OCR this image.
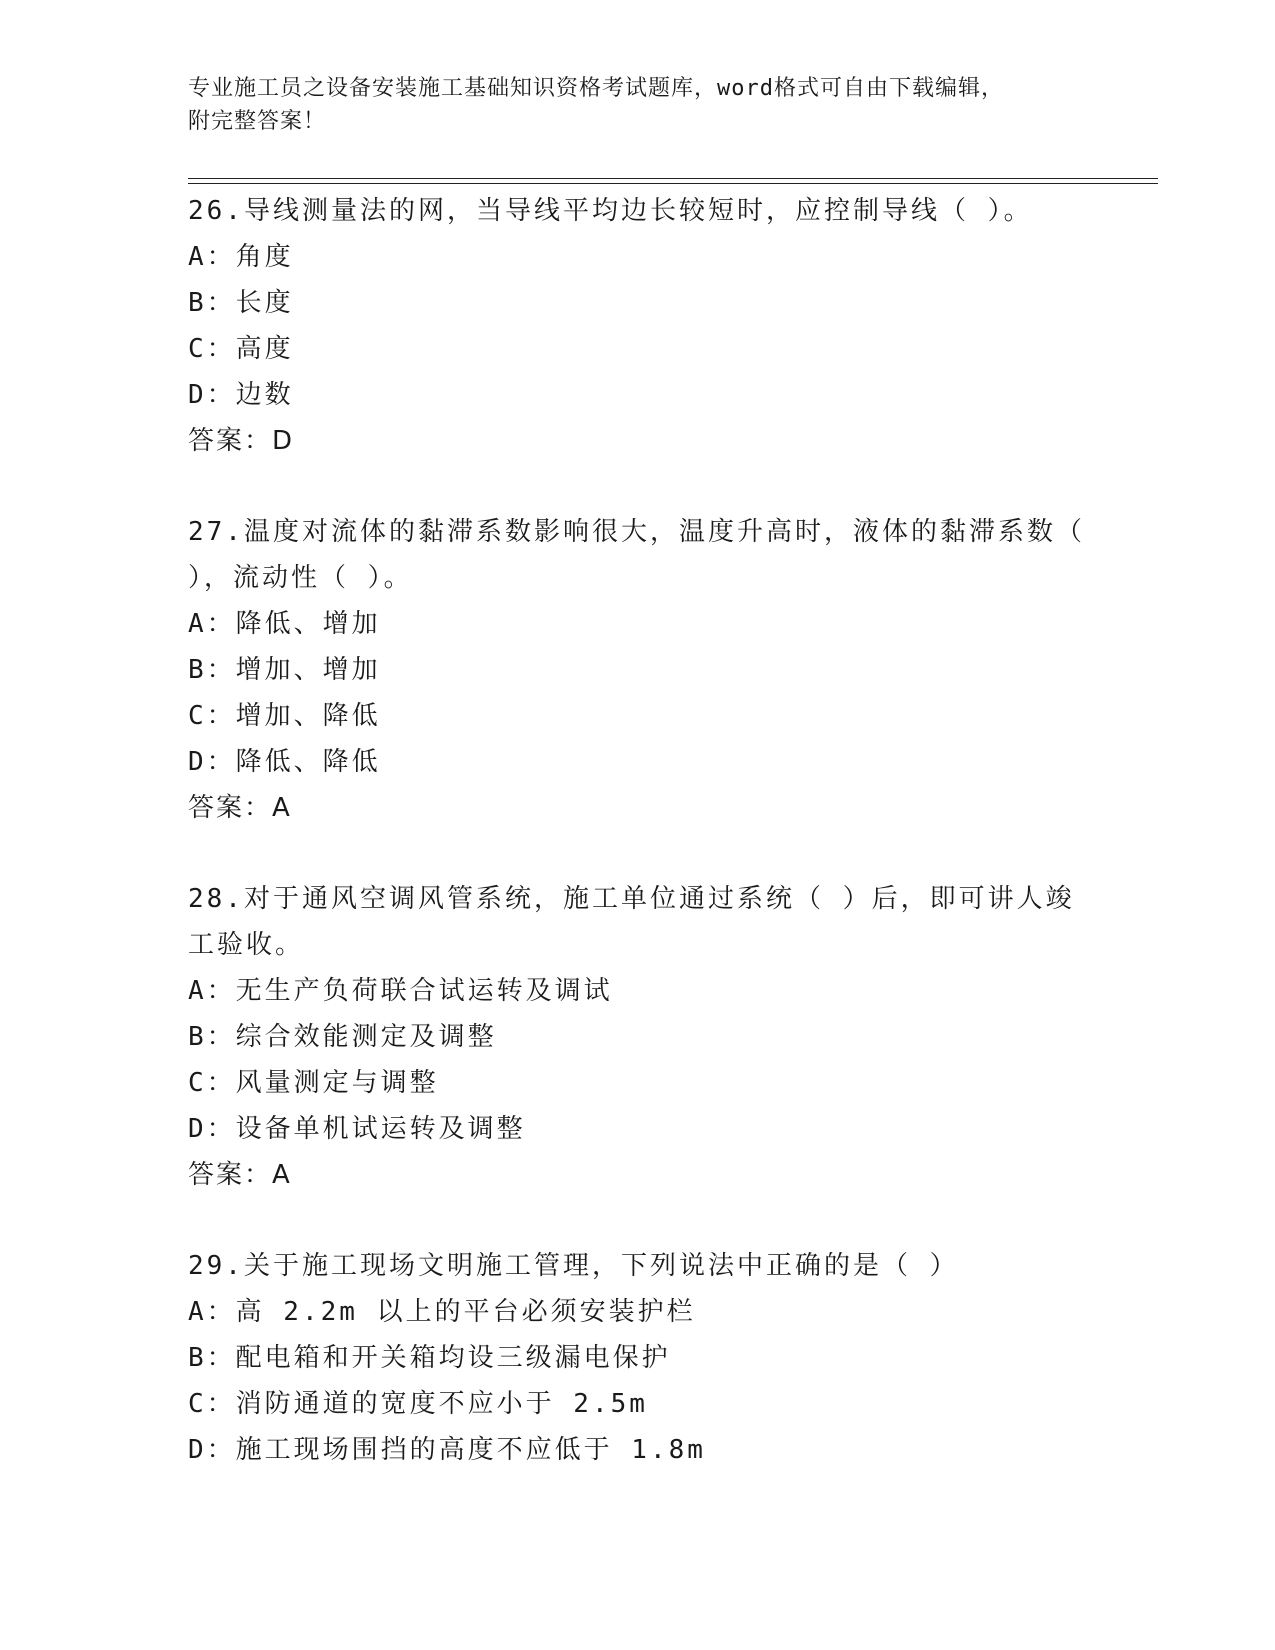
专业施工员之设备安装施工基础知识资格考试题库，word格式可自由下载编辑，
附完整答案！
26.导线测量法的网，当导线平均边长较短时，应控制导线（ ）。
A：角度
B：长度
C：高度
D：边数
答案：D
27.温度对流体的黏滞系数影响很大，温度升高时，液体的黏滞系数（
），流动性（ ）。
A：降低、增加
B：增加、增加
C：增加、降低
D：降低、降低
答案：A
28.对于通风空调风管系统，施工单位通过系统（ ）后，即可讲人竣
工验收。
A：无生产负荷联合试运转及调试
B：综合效能测定及调整
C：风量测定与调整
D：设备单机试运转及调整
答案：A
29.关于施工现场文明施工管理，下列说法中正确的是（ ）
A：高 2.2m 以上的平台必须安装护栏
B：配电箱和开关箱均设三级漏电保护
C：消防通道的宽度不应小于 2.5m
D：施工现场围挡的高度不应低于 1.8m
